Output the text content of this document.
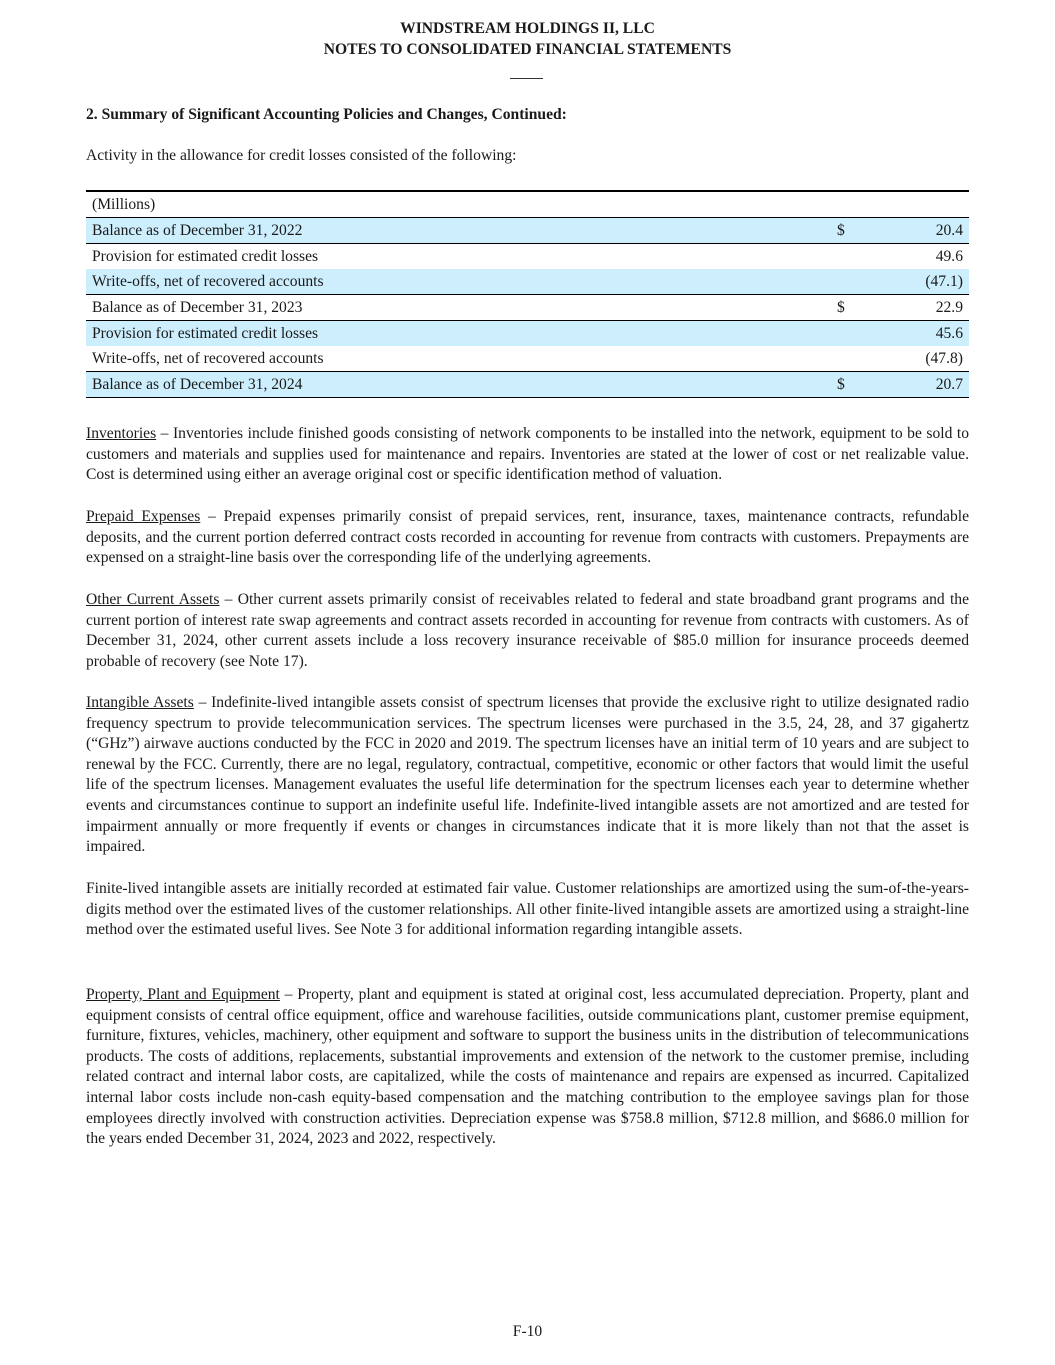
WINDSTREAM HOLDINGS II, LLC
NOTES TO CONSOLIDATED FINANCIAL STATEMENTS
2. Summary of Significant Accounting Policies and Changes, Continued:
Activity in the allowance for credit losses consisted of the following:
(Millions)		
Balance as of December 31, 2022	$	20.4
Provision for estimated credit losses		49.6
Write-offs, net of recovered accounts		(47.1)
Balance as of December 31, 2023	$	22.9
Provision for estimated credit losses		45.6
Write-offs, net of recovered accounts		(47.8)
Balance as of December 31, 2024	$	20.7
Inventories – Inventories include finished goods consisting of network components to be installed into the network, equipment to be sold to customers and materials and supplies used for maintenance and repairs. Inventories are stated at the lower of cost or net realizable value. Cost is determined using either an average original cost or specific identification method of valuation.
Prepaid Expenses – Prepaid expenses primarily consist of prepaid services, rent, insurance, taxes, maintenance contracts, refundable deposits, and the current portion deferred contract costs recorded in accounting for revenue from contracts with customers. Prepayments are expensed on a straight-line basis over the corresponding life of the underlying agreements.
Other Current Assets – Other current assets primarily consist of receivables related to federal and state broadband grant programs and the current portion of interest rate swap agreements and contract assets recorded in accounting for revenue from contracts with customers. As of December 31, 2024, other current assets include a loss recovery insurance receivable of $85.0 million for insurance proceeds deemed probable of recovery (see Note 17).
Intangible Assets – Indefinite-lived intangible assets consist of spectrum licenses that provide the exclusive right to utilize designated radio frequency spectrum to provide telecommunication services. The spectrum licenses were purchased in the 3.5, 24, 28, and 37 gigahertz (“GHz”) airwave auctions conducted by the FCC in 2020 and 2019. The spectrum licenses have an initial term of 10 years and are subject to renewal by the FCC. Currently, there are no legal, regulatory, contractual, competitive, economic or other factors that would limit the useful life of the spectrum licenses. Management evaluates the useful life determination for the spectrum licenses each year to determine whether events and circumstances continue to support an indefinite useful life. Indefinite-lived intangible assets are not amortized and are tested for impairment annually or more frequently if events or changes in circumstances indicate that it is more likely than not that the asset is impaired.
Finite-lived intangible assets are initially recorded at estimated fair value. Customer relationships are amortized using the sum-of-the-years-digits method over the estimated lives of the customer relationships. All other finite-lived intangible assets are amortized using a straight-line method over the estimated useful lives. See Note 3 for additional information regarding intangible assets.
Property, Plant and Equipment – Property, plant and equipment is stated at original cost, less accumulated depreciation. Property, plant and equipment consists of central office equipment, office and warehouse facilities, outside communications plant, customer premise equipment, furniture, fixtures, vehicles, machinery, other equipment and software to support the business units in the distribution of telecommunications products. The costs of additions, replacements, substantial improvements and extension of the network to the customer premise, including related contract and internal labor costs, are capitalized, while the costs of maintenance and repairs are expensed as incurred. Capitalized internal labor costs include non-cash equity-based compensation and the matching contribution to the employee savings plan for those employees directly involved with construction activities. Depreciation expense was $758.8 million, $712.8 million, and $686.0 million for the years ended December 31, 2024, 2023 and 2022, respectively.
F-10
